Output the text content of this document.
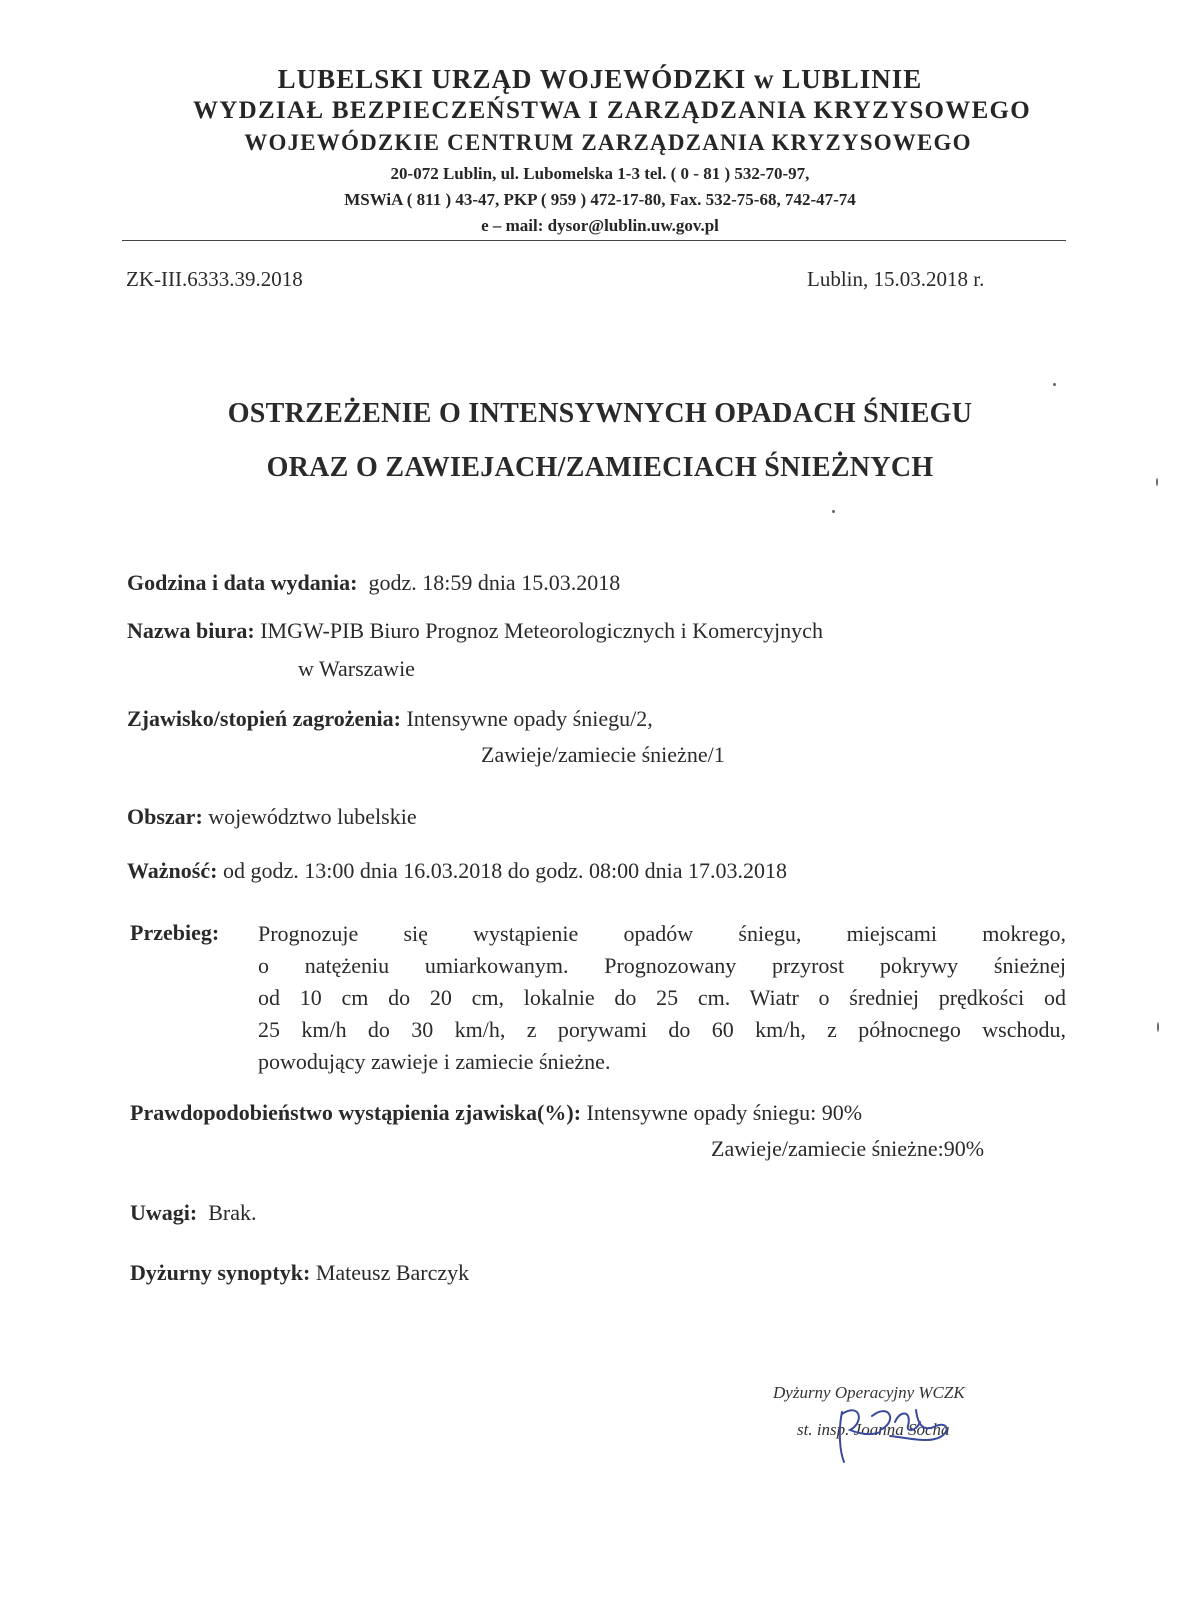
LUBELSKI URZĄD WOJEWÓDZKI w LUBLINIE
WYDZIAŁ BEZPIECZEŃSTWA I ZARZĄDZANIA KRYZYSOWEGO
WOJEWÓDZKIE CENTRUM ZARZĄDZANIA KRYZYSOWEGO
20-072 Lublin, ul. Lubomelska 1-3 tel. ( 0 - 81 ) 532-70-97,
MSWiA ( 811 ) 43-47, PKP ( 959 ) 472-17-80, Fax. 532-75-68, 742-47-74
e – mail: dysor@lublin.uw.gov.pl
ZK-III.6333.39.2018	Lublin, 15.03.2018 r.
OSTRZEŻENIE O INTENSYWNYCH OPADACH ŚNIEGU
ORAZ O ZAWIEJACH/ZAMIECIACH ŚNIEŻNYCH
Godzina i data wydania: godz. 18:59 dnia 15.03.2018
Nazwa biura: IMGW-PIB Biuro Prognoz Meteorologicznych i Komercyjnych
w Warszawie
Zjawisko/stopień zagrożenia: Intensywne opady śniegu/2,
Zawieje/zamiecie śnieżne/1
Obszar: województwo lubelskie
Ważność: od godz. 13:00 dnia 16.03.2018 do godz. 08:00 dnia 17.03.2018
Przebieg: Prognozuje się wystąpienie opadów śniegu, miejscami mokrego,
o natężeniu umiarkowanym. Prognozowany przyrost pokrywy śnieżnej
od 10 cm do 20 cm, lokalnie do 25 cm. Wiatr o średniej prędkości od
25 km/h do 30 km/h, z porywami do 60 km/h, z północnego wschodu,
powodujący zawieje i zamiecie śnieżne.
Prawdopodobieństwo wystąpienia zjawiska(%): Intensywne opady śniegu: 90%
Zawieje/zamiecie śnieżne:90%
Uwagi: Brak.
Dyżurny synoptyk: Mateusz Barczyk
Dyżurny Operacyjny WCZK
st. insp. Joanna Socha
